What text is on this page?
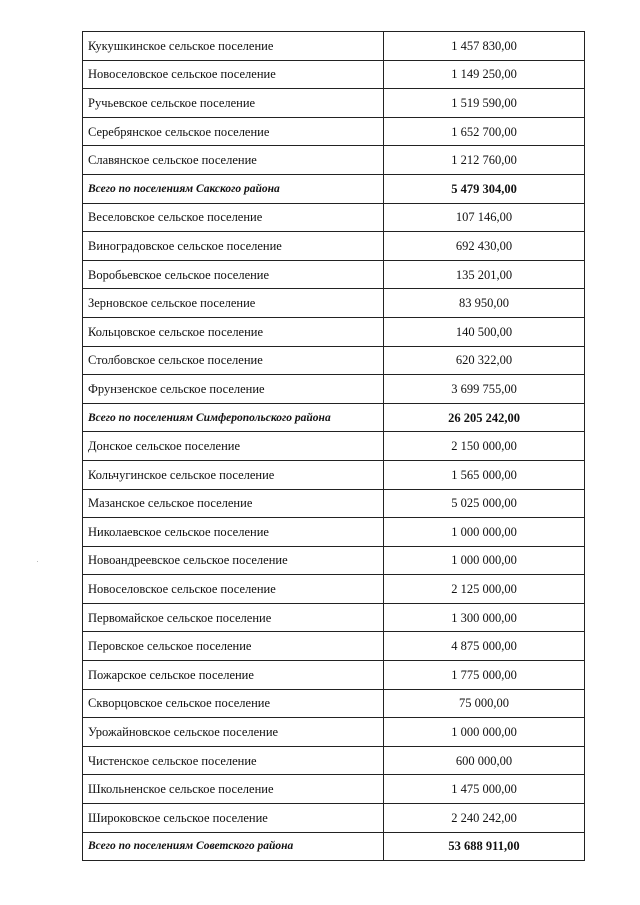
Кукушкинское сельское поселение	1 457 830,00
Новоселовское сельское поселение	1 149 250,00
Ручьевское сельское поселение	1 519 590,00
Серебрянское сельское поселение	1 652 700,00
Славянское сельское поселение	1 212 760,00
Всего по поселениям Сакского района	5 479 304,00
Веселовское сельское поселение	107 146,00
Виноградовское сельское поселение	692 430,00
Воробьевское сельское поселение	135 201,00
Зерновское сельское поселение	83 950,00
Кольцовское сельское поселение	140 500,00
Столбовское сельское поселение	620 322,00
Фрунзенское сельское поселение	3 699 755,00
Всего по поселениям Симферопольского района	26 205 242,00
Донское сельское поселение	2 150 000,00
Кольчугинское сельское поселение	1 565 000,00
Мазанское сельское поселение	5 025 000,00
Николаевское сельское поселение	1 000 000,00
Новоандреевское сельское поселение	1 000 000,00
Новоселовское сельское поселение	2 125 000,00
Первомайское сельское поселение	1 300 000,00
Перовское сельское поселение	4 875 000,00
Пожарское сельское поселение	1 775 000,00
Скворцовское сельское поселение	75 000,00
Урожайновское сельское поселение	1 000 000,00
Чистенское сельское поселение	600 000,00
Школьненское сельское поселение	1 475 000,00
Широковское сельское поселение	2 240 242,00
Всего по поселениям Советского района	53 688 911,00
